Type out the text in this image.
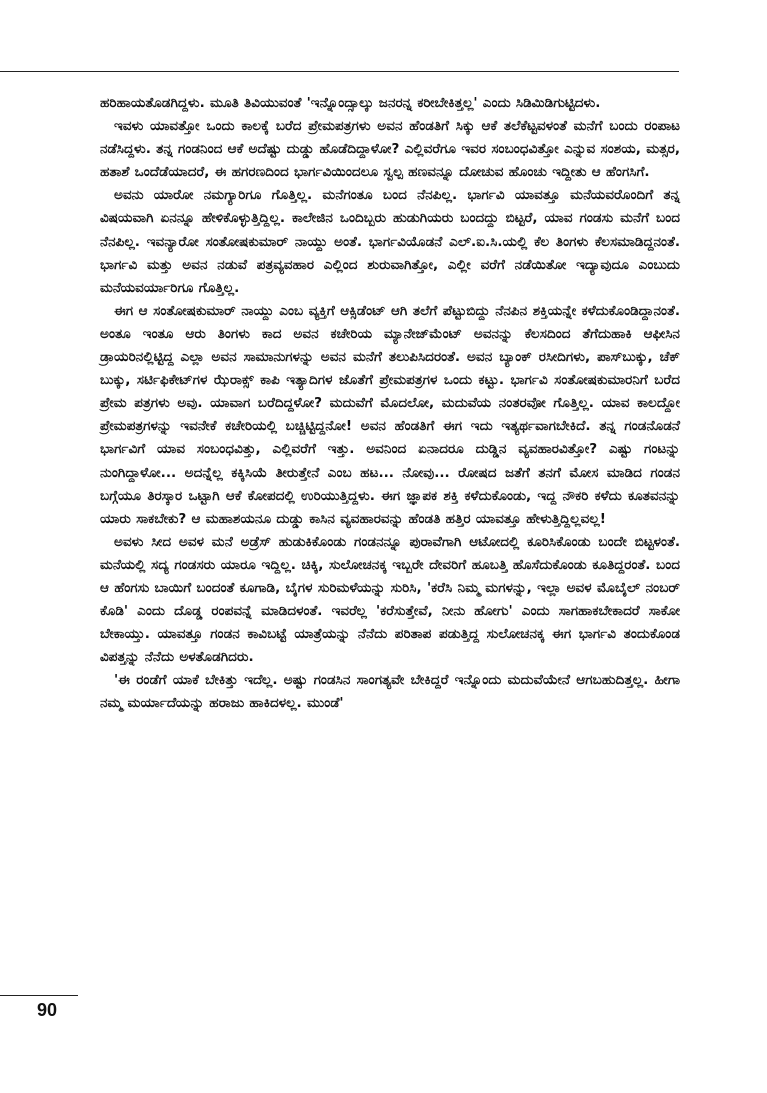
ಹರಿಹಾಯತೊಡಗಿದ್ದಳು. ಮೂತಿ ತಿವಿಯುವಂತೆ 'ಇನ್ನೊಂದ್ಸಾಲ್ಕು ಜನರನ್ನ ಕರೀಬೇಕಿತ್ತಲ್ಲ' ಎಂದು ಸಿಡಿಮಿಡಿಗುಟ್ಟಿದಳು.

ಇವಳು ಯಾವತ್ತೋ ಒಂದು ಕಾಲಕ್ಕೆ ಬರೆದ ಪ್ರೇಮಪತ್ರಗಳು ಅವನ ಹೆಂಡತಿಗೆ ಸಿಕ್ಕು ಆಕೆ ತಲೆಕೆಟ್ಟವಳಂತೆ ಮನೆಗೆ ಬಂದು ರಂಪಾಟ ನಡೆಸಿದ್ದಳು. ತನ್ನ ಗಂಡನಿಂದ ಆಕೆ ಅದೆಷ್ಟು ದುಡ್ಡು ಹೊಡೆದಿದ್ದಾಳೋ? ಎಲ್ಲಿವರೆಗೂ ಇವರ ಸಂಬಂಧವಿತ್ತೋ ಎನ್ನುವ ಸಂಶಯ, ಮತ್ಸರ, ಹತಾಶೆ ಒಂದೆಡೆಯಾದರೆ, ಈ ಹಗರಣದಿಂದ ಭಾರ್ಗವಿಯಿಂದಲೂ ಸ್ವಲ್ಪ ಹಣವನ್ನೂ ದೋಚುವ ಹೊಂಚು ಇದ್ದೀತು ಆ ಹೆಂಗಸಿಗೆ.

ಅವನು ಯಾರೋ ನಮಗ್ಯಾರಿಗೂ ಗೊತ್ತಿಲ್ಲ. ಮನೆಗಂತೂ ಬಂದ ನೆನಪಿಲ್ಲ. ಭಾರ್ಗವಿ ಯಾವತ್ತೂ ಮನೆಯವರೊಂದಿಗೆ ತನ್ನ ವಿಷಯವಾಗಿ ಏನನ್ನೂ ಹೇಳಿಕೊಳ್ಳುತ್ತಿದ್ದಿಲ್ಲ. ಕಾಲೇಜಿನ ಒಂದಿಬ್ಬರು ಹುಡುಗಿಯರು ಬಂದದ್ದು ಬಿಟ್ಟರೆ, ಯಾವ ಗಂಡಸು ಮನೆಗೆ ಬಂದ ನೆನಪಿಲ್ಲ. ಇವನ್ಯಾರೋ ಸಂತೋಷಕುಮಾರ್ ನಾಯ್ದು ಅಂತೆ. ಭಾರ್ಗವಿಯೊಡನೆ ಎಲ್.ಐ.ಸಿ.ಯಲ್ಲಿ ಕೆಲ ತಿಂಗಳು ಕೆಲಸಮಾಡಿದ್ದನಂತೆ. ಭಾರ್ಗವಿ ಮತ್ತು ಅವನ ನಡುವೆ ಪತ್ರವ್ಯವಹಾರ ಎಲ್ಲಿಂದ ಶುರುವಾಗಿತ್ತೋ, ಎಲ್ಲೀ ವರೆಗೆ ನಡೆಯಿತೋ ಇದ್ಯಾವುದೂ ಎಂಬುದು ಮನೆಯವರ್ಯಾರಿಗೂ ಗೊತ್ತಿಲ್ಲ.

ಈಗ ಆ ಸಂತೋಷಕುಮಾರ್ ನಾಯ್ದು ಎಂಬ ವ್ಯಕ್ತಿಗೆ ಆಕ್ಸಿಡೆಂಟ್ ಆಗಿ ತಲೆಗೆ ಪೆಟ್ಟುಬಿದ್ದು ನೆನಪಿನ ಶಕ್ತಿಯನ್ನೇ ಕಳೆದುಕೊಂಡಿದ್ದಾನಂತೆ. ಅಂತೂ ಇಂತೂ ಆರು ತಿಂಗಳು ಕಾದ ಅವನ ಕಚೇರಿಯ ಮ್ಯಾನೇಜ್‌ಮೆಂಟ್ ಅವನನ್ನು ಕೆಲಸದಿಂದ ತೆಗೆದುಹಾಕಿ ಆಫೀಸಿನ ಡ್ರಾಯರಿನಲ್ಲಿಟ್ಟಿದ್ದ ಎಲ್ಲಾ ಅವನ ಸಾಮಾನುಗಳನ್ನು ಅವನ ಮನೆಗೆ ತಲುಪಿಸಿದರಂತೆ. ಅವನ ಬ್ಯಾಂಕ್ ರಸೀದಿಗಳು, ಪಾಸ್‌ಬುಕ್ಕು, ಚೆಕ್ ಬುಕ್ಕು, ಸರ್ಟಿಫಿಕೇಟ್‌ಗಳ ಝೆರಾಕ್ಸ್ ಕಾಪಿ ಇತ್ಯಾದಿಗಳ ಜೊತೆಗೆ ಪ್ರೇಮಪತ್ರಗಳ ಒಂದು ಕಟ್ಟು. ಭಾರ್ಗವಿ ಸಂತೋಷಕುಮಾರನಿಗೆ ಬರೆದ ಪ್ರೇಮ ಪತ್ರಗಳು ಅವು. ಯಾವಾಗ ಬರೆದಿದ್ದಳೋ? ಮದುವೆಗೆ ಮೊದಲೋ, ಮದುವೆಯ ನಂತರವೋ ಗೊತ್ತಿಲ್ಲ. ಯಾವ ಕಾಲದ್ದೋ ಪ್ರೇಮಪತ್ರಗಳನ್ನು ಇವನೇಕೆ ಕಚೇರಿಯಲ್ಲಿ ಬಚ್ಚಿಟ್ಟಿದ್ದನೋ! ಅವನ ಹೆಂಡತಿಗೆ ಈಗ ಇದು ಇತ್ಯರ್ಥವಾಗಬೇಕಿದೆ. ತನ್ನ ಗಂಡನೊಡನೆ ಭಾರ್ಗವಿಗೆ ಯಾವ ಸಂಬಂಧವಿತ್ತು, ಎಲ್ಲಿವರೆಗೆ ಇತ್ತು. ಅವನಿಂದ ಏನಾದರೂ ದುಡ್ಡಿನ ವ್ಯವಹಾರವಿತ್ತೋ? ಎಷ್ಟು ಗಂಟನ್ನು ನುಂಗಿದ್ದಾಳೋ... ಅದನ್ನೆಲ್ಲ ಕಕ್ಕಿಸಿಯೆ ತೀರುತ್ತೇನೆ ಎಂಬ ಹಟ... ನೋವು... ರೋಷದ ಜತೆಗೆ ತನಗೆ ಮೋಸ ಮಾಡಿದ ಗಂಡನ ಬಗ್ಗೆಯೂ ತಿರಸ್ಕಾರ ಒಟ್ಟಾಗಿ ಆಕೆ ಕೋಪದಲ್ಲಿ ಉರಿಯುತ್ತಿದ್ದಳು. ಈಗ ಜ್ಞಾಪಕ ಶಕ್ತಿ ಕಳೆದುಕೊಂಡು, ಇದ್ದ ನೌಕರಿ ಕಳೆದು ಕೂತವನನ್ನು ಯಾರು ಸಾಕಬೇಕು? ಆ ಮಹಾಶಯನೂ ದುಡ್ಡು ಕಾಸಿನ ವ್ಯವಹಾರವನ್ನು ಹೆಂಡತಿ ಹತ್ತಿರ ಯಾವತ್ತೂ ಹೇಳುತ್ತಿದ್ದಿಲ್ಲವಲ್ಲ!

ಅವಳು ಸೀದ ಅವಳ ಮನೆ ಅಡ್ರೆಸ್ ಹುಡುಕಿಕೊಂಡು ಗಂಡನನ್ನೂ ಪುರಾವೆಗಾಗಿ ಆಟೋದಲ್ಲಿ ಕೂರಿಸಿಕೊಂಡು ಬಂದೇ ಬಿಟ್ಟಳಂತೆ. ಮನೆಯಲ್ಲಿ ಸದ್ಯ ಗಂಡಸರು ಯಾರೂ ಇದ್ದಿಲ್ಲ. ಚಿಕ್ಕಿ, ಸುಲೋಚನಕ್ಕ ಇಬ್ಬರೇ ದೇವರಿಗೆ ಹೂಬತ್ತಿ ಹೊಸೆದುಕೊಂಡು ಕೂತಿದ್ದರಂತೆ. ಬಂದ ಆ ಹೆಂಗಸು ಬಾಯಿಗೆ ಬಂದಂತೆ ಕೂಗಾಡಿ, ಬೈಗಳ ಸುರಿಮಳೆಯನ್ನು ಸುರಿಸಿ, 'ಕರೆಸಿ ನಿಮ್ಮ ಮಗಳನ್ನು, ಇಲ್ಲಾ ಅವಳ ಮೊಬೈಲ್ ನಂಬರ್ ಕೊಡಿ' ಎಂದು ದೊಡ್ಡ ರಂಪವನ್ನೆ ಮಾಡಿದಳಂತೆ. ಇವರೆಲ್ಲ 'ಕರೆಸುತ್ತೇವೆ, ನೀನು ಹೋಗು' ಎಂದು ಸಾಗಹಾಕಬೇಕಾದರೆ ಸಾಕೋ ಬೇಕಾಯ್ತು. ಯಾವತ್ತೂ ಗಂಡನ ಕಾವಿಬಟ್ಟೆ ಯಾತ್ರೆಯನ್ನು ನೆನೆದು ಪರಿತಾಪ ಪಡುತ್ತಿದ್ದ ಸುಲೋಚನಕ್ಕ ಈಗ ಭಾರ್ಗವಿ ತಂದುಕೊಂಡ ವಿಪತ್ತನ್ನು ನೆನೆದು ಅಳತೊಡಗಿದರು.

'ಈ ರಂಡೆಗೆ ಯಾಕೆ ಬೇಕಿತ್ತು ಇದೆಲ್ಲ. ಅಷ್ಟು ಗಂಡಸಿನ ಸಾಂಗತ್ಯವೇ ಬೇಕಿದ್ದರೆ ಇನ್ನೊಂದು ಮದುವೆಯೇನೆ ಆಗಬಹುದಿತ್ತಲ್ಲ. ಹೀಗಾ ನಮ್ಮ ಮರ್ಯಾದೆಯನ್ನು ಹರಾಜು ಹಾಕಿದಳಲ್ಲ. ಮುಂಡೆ'

90
